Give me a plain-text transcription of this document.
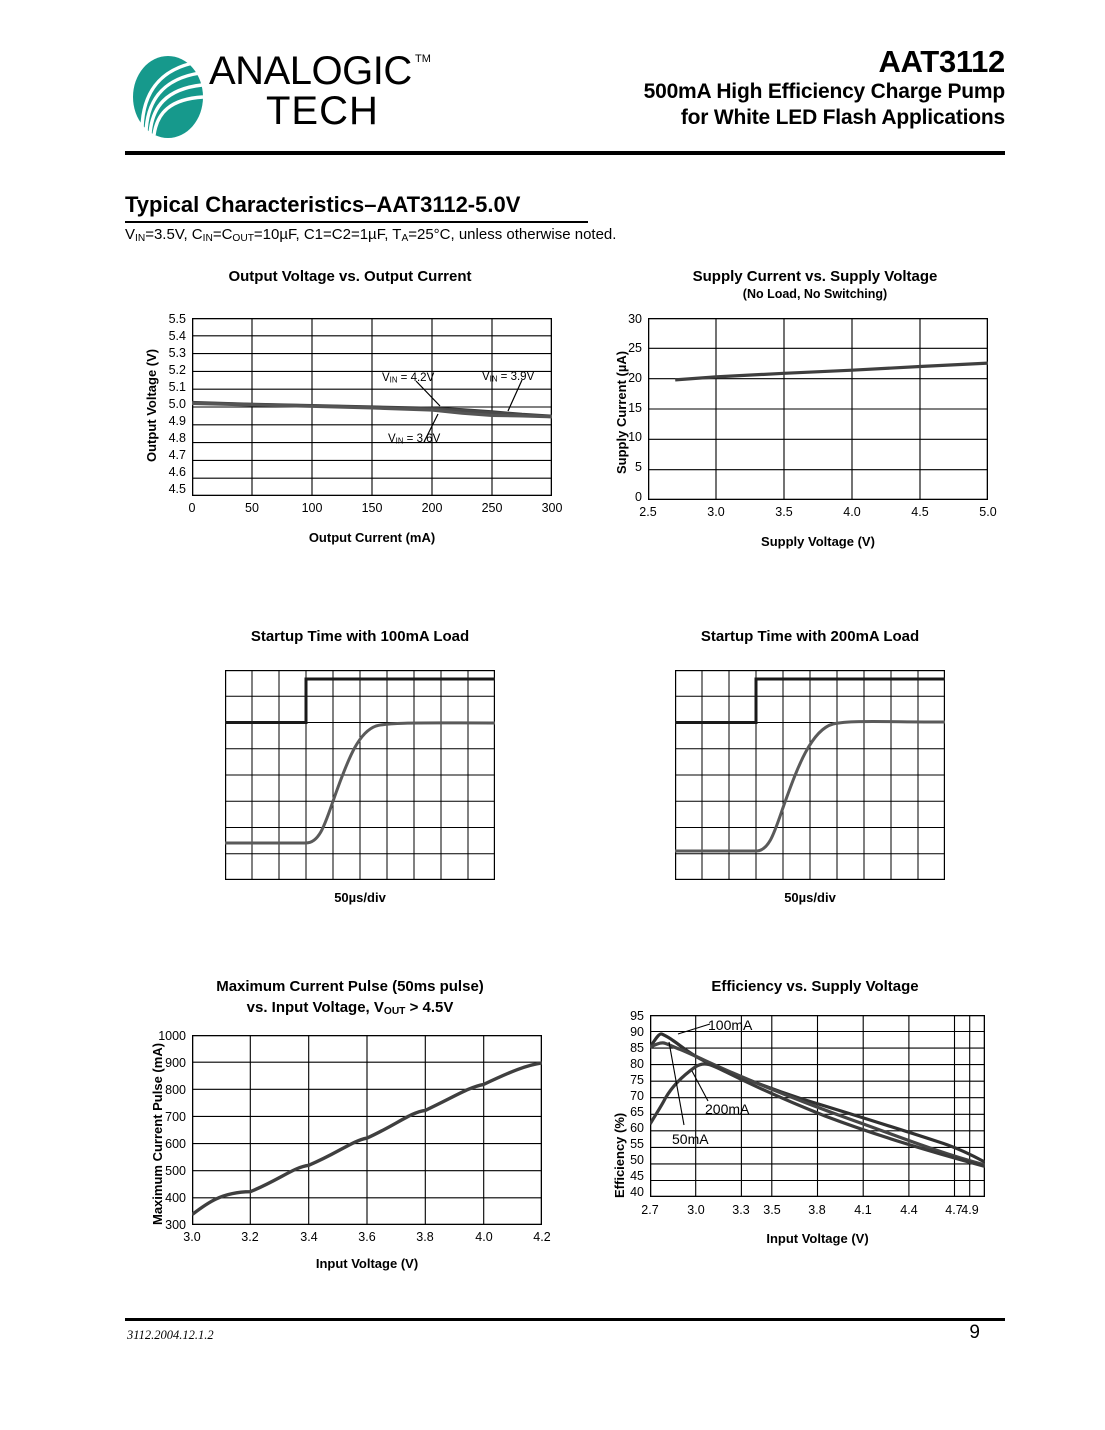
ANALOGIC TM
TECH
AAT3112
500mA High Efficiency Charge Pump
for White LED Flash Applications
Typical Characteristics–AAT3112-5.0V
$V_{IN}=3.5V$, $C_{IN}=C_{OUT}=10\mu F$, C1=C2=1µF, $T_A=25^\circ C$, unless otherwise noted.
Output Voltage vs. Output Current
Output Voltage (V)
5.5
5.4
5.3
5.2
5.1
5.0
4.9
4.8
4.7
4.6
4.5
$V_{IN} = 4.2V$	$V_{IN} = 3.9V$
$V_{IN} = 3.6V$
0	50	100	150	200	250	300
Output Current (mA)
Supply Current vs. Supply Voltage
(No Load, No Switching)
Supply Current (µA)
30
25
20
15
10
5
0
2.5	3.0	3.5	4.0	4.5	5.0
Supply Voltage (V)
Startup Time with 100mA Load
50µs/div
Startup Time with 200mA Load
50µs/div
Maximum Current Pulse (50ms pulse)
vs. Input Voltage, $V_{OUT} > 4.5V$
Maximum Current Pulse (mA)
1000
900
800
700
600
500
400
300
3.0	3.2	3.4	3.6	3.8	4.0	4.2
Input Voltage (V)
Efficiency vs. Supply Voltage
Efficiency (%)
95
90
85
80
75
70
65
60
55
50
45
40
100mA
200mA
50mA
2.7	3.0	3.3	3.5	3.8	4.1	4.4	4.7
4.9
Input Voltage (V)
3112.2004.12.1.2	9
